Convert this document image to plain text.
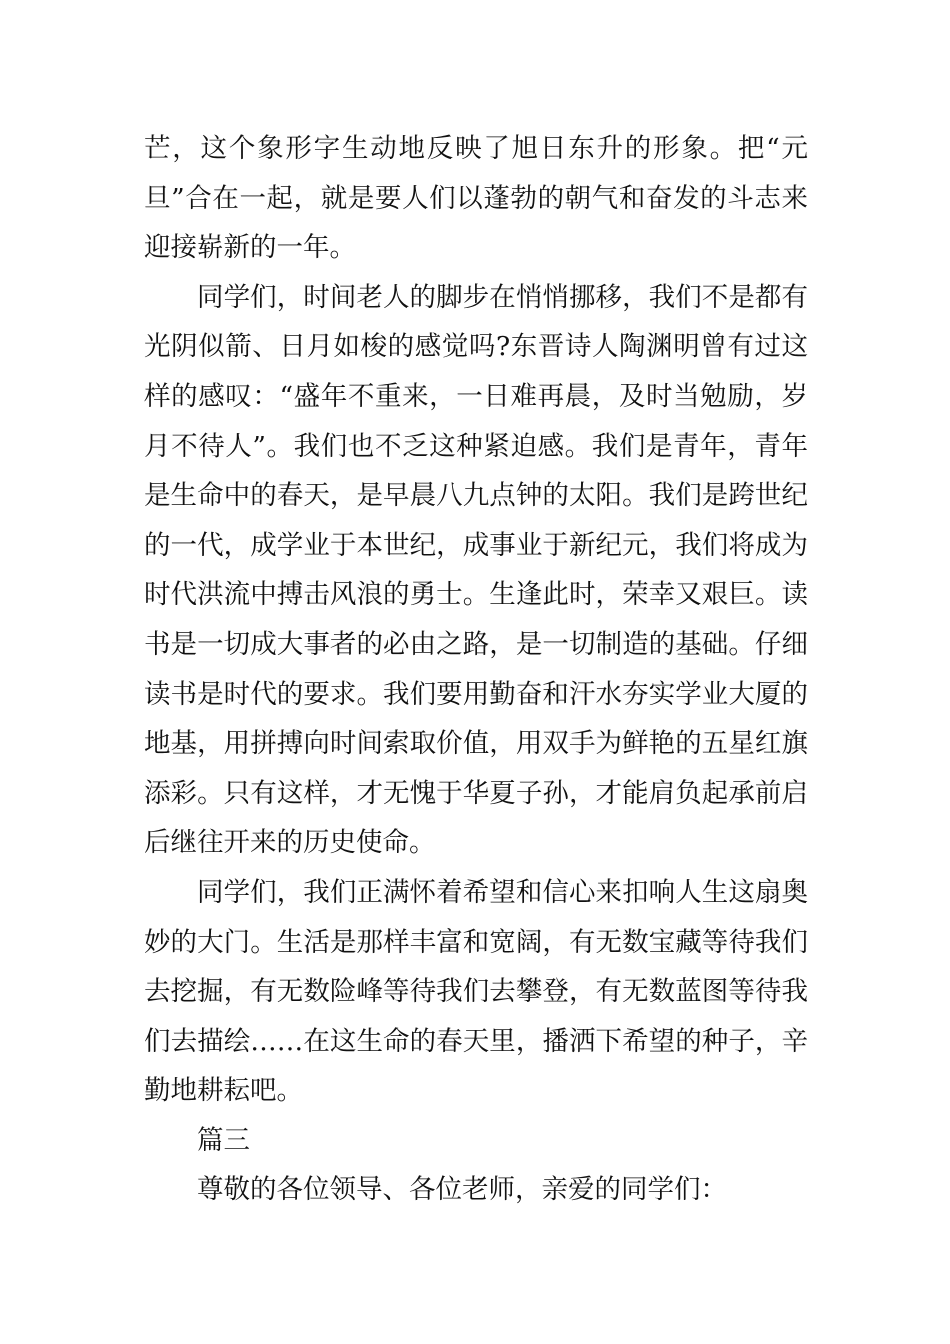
芒，这个象形字生动地反映了旭日东升的形象。把“元旦”合在一起，就是要人们以蓬勃的朝气和奋发的斗志来迎接崭新的一年。

同学们，时间老人的脚步在悄悄挪移，我们不是都有光阴似箭、日月如梭的感觉吗?东晋诗人陶渊明曾有过这样的感叹：“盛年不重来，一日难再晨，及时当勉励，岁月不待人”。我们也不乏这种紧迫感。我们是青年，青年是生命中的春天，是早晨八九点钟的太阳。我们是跨世纪的一代，成学业于本世纪，成事业于新纪元，我们将成为时代洪流中搏击风浪的勇士。生逢此时，荣幸又艰巨。读书是一切成大事者的必由之路，是一切制造的基础。仔细读书是时代的要求。我们要用勤奋和汗水夯实学业大厦的地基，用拼搏向时间索取价值，用双手为鲜艳的五星红旗添彩。只有这样，才无愧于华夏子孙，才能肩负起承前启后继往开来的历史使命。

同学们，我们正满怀着希望和信心来扣响人生这扇奥妙的大门。生活是那样丰富和宽阔，有无数宝藏等待我们去挖掘，有无数险峰等待我们去攀登，有无数蓝图等待我们去描绘……在这生命的春天里，播洒下希望的种子，辛勤地耕耘吧。

篇三

尊敬的各位领导、各位老师，亲爱的同学们：
